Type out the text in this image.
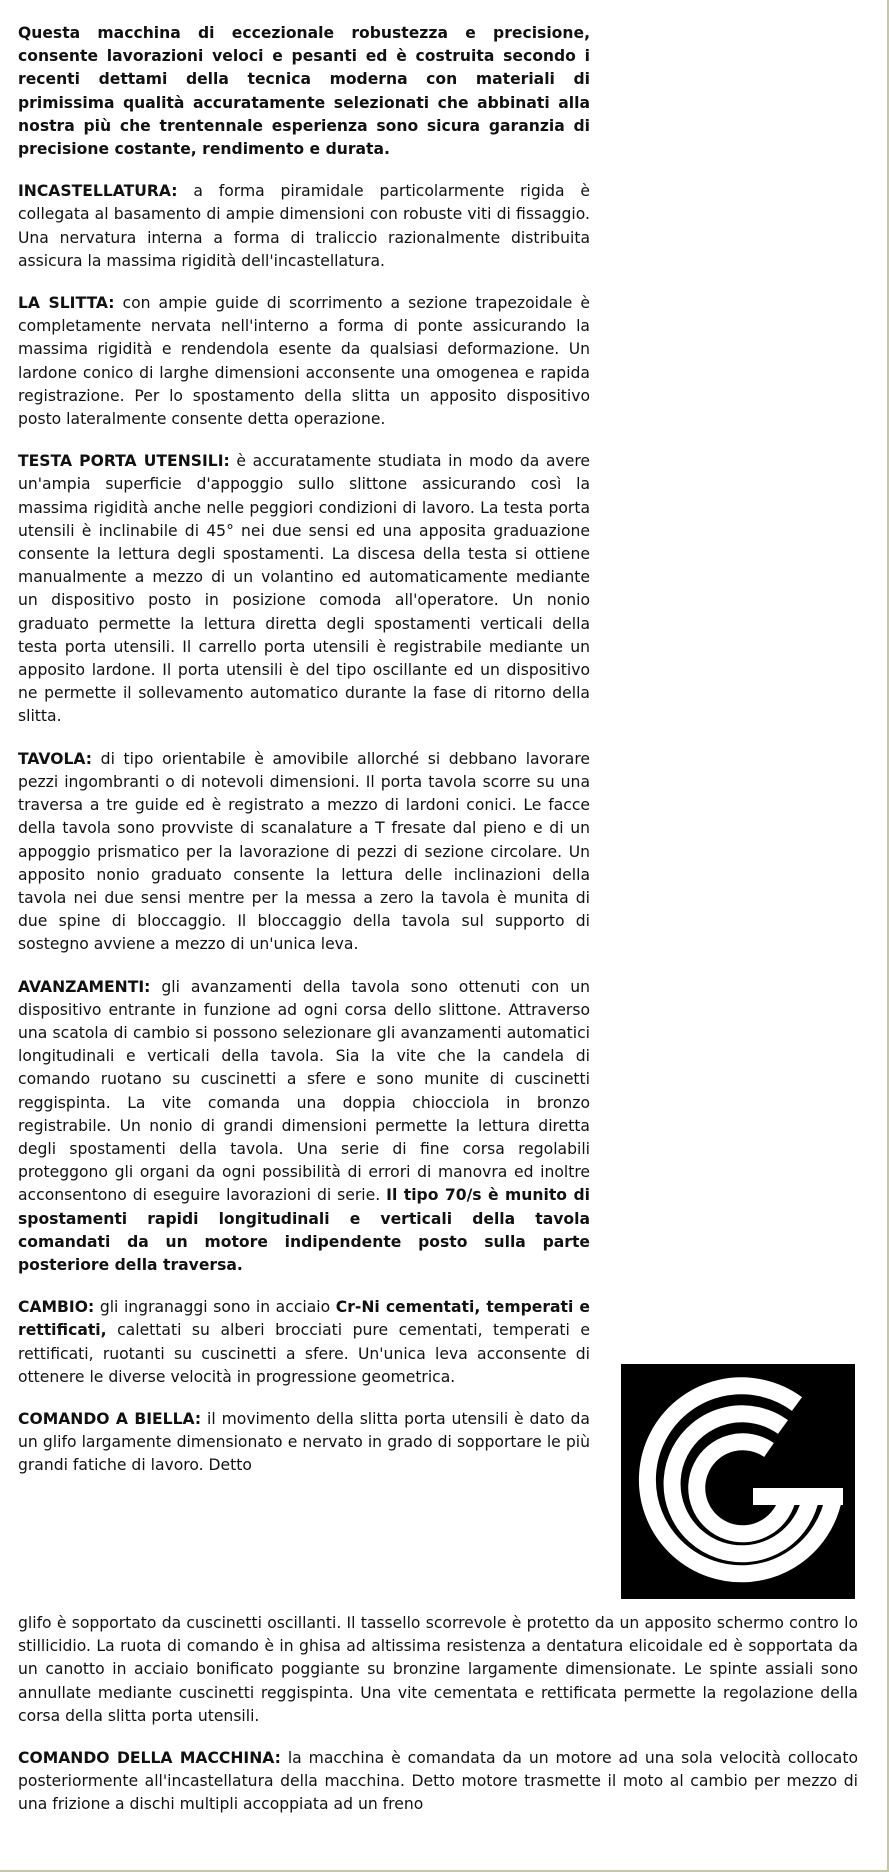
Questa macchina di eccezionale robustezza e precisione, consente lavorazioni veloci e pesanti ed è costruita secondo i recenti dettami della tecnica moderna con materiali di primissima qualità accuratamente selezionati che abbinati alla nostra più che trentennale esperienza sono sicura garanzia di precisione costante, rendimento e durata.

INCASTELLATURA: a forma piramidale particolarmente rigida è collegata al basamento di ampie dimensioni con robuste viti di fissaggio. Una nervatura interna a forma di traliccio razionalmente distribuita assicura la massima rigidità dell'incastellatura.

LA SLITTA: con ampie guide di scorrimento a sezione trapezoidale è completamente nervata nell'interno a forma di ponte assicurando la massima rigidità e rendendola esente da qualsiasi deformazione. Un lardone conico di larghe dimensioni acconsente una omogenea e rapida registrazione. Per lo spostamento della slitta un apposito dispositivo posto lateralmente consente detta operazione.

TESTA PORTA UTENSILI: è accuratamente studiata in modo da avere un'ampia superficie d'appoggio sullo slittone assicurando così la massima rigidità anche nelle peggiori condizioni di lavoro. La testa porta utensili è inclinabile di 45° nei due sensi ed una apposita graduazione consente la lettura degli spostamenti. La discesa della testa si ottiene manualmente a mezzo di un volantino ed automaticamente mediante un dispositivo posto in posizione comoda all'operatore. Un nonio graduato permette la lettura diretta degli spostamenti verticali della testa porta utensili. Il carrello porta utensili è registrabile mediante un apposito lardone. Il porta utensili è del tipo oscillante ed un dispositivo ne permette il sollevamento automatico durante la fase di ritorno della slitta.

TAVOLA: di tipo orientabile è amovibile allorché si debbano lavorare pezzi ingombranti o di notevoli dimensioni. Il porta tavola scorre su una traversa a tre guide ed è registrato a mezzo di lardoni conici. Le facce della tavola sono provviste di scanalature a T fresate dal pieno e di un appoggio prismatico per la lavorazione di pezzi di sezione circolare. Un apposito nonio graduato consente la lettura delle inclinazioni della tavola nei due sensi mentre per la messa a zero la tavola è munita di due spine di bloccaggio. Il bloccaggio della tavola sul supporto di sostegno avviene a mezzo di un'unica leva.

AVANZAMENTI: gli avanzamenti della tavola sono ottenuti con un dispositivo entrante in funzione ad ogni corsa dello slittone. Attraverso una scatola di cambio si possono selezionare gli avanzamenti automatici longitudinali e verticali della tavola. Sia la vite che la candela di comando ruotano su cuscinetti a sfere e sono munite di cuscinetti reggispinta. La vite comanda una doppia chiocciola in bronzo registrabile. Un nonio di grandi dimensioni permette la lettura diretta degli spostamenti della tavola. Una serie di fine corsa regolabili proteggono gli organi da ogni possibilità di errori di manovra ed inoltre acconsentono di eseguire lavorazioni di serie. Il tipo 70/s è munito di spostamenti rapidi longitudinali e verticali della tavola comandati da un motore indipendente posto sulla parte posteriore della traversa.

CAMBIO: gli ingranaggi sono in acciaio Cr-Ni cementati, temperati e rettificati, calettati su alberi brocciati pure cementati, temperati e rettificati, ruotanti su cuscinetti a sfere. Un'unica leva acconsente di ottenere le diverse velocità in progressione geometrica.

COMANDO A BIELLA: il movimento della slitta porta utensili è dato da un glifo largamente dimensionato e nervato in grado di sopportare le più grandi fatiche di lavoro. Detto

glifo è sopportato da cuscinetti oscillanti. Il tassello scorrevole è protetto da un apposito schermo contro lo stillicidio. La ruota di comando è in ghisa ad altissima resistenza a dentatura elicoidale ed è sopportata da un canotto in acciaio bonificato poggiante su bronzine largamente dimensionate. Le spinte assiali sono annullate mediante cuscinetti reggispinta. Una vite cementata e rettificata permette la regolazione della corsa della slitta porta utensili.

COMANDO DELLA MACCHINA: la macchina è comandata da un motore ad una sola velocità collocato posteriormente all'incastellatura della macchina. Detto motore trasmette il moto al cambio per mezzo di una frizione a dischi multipli accoppiata ad un freno
